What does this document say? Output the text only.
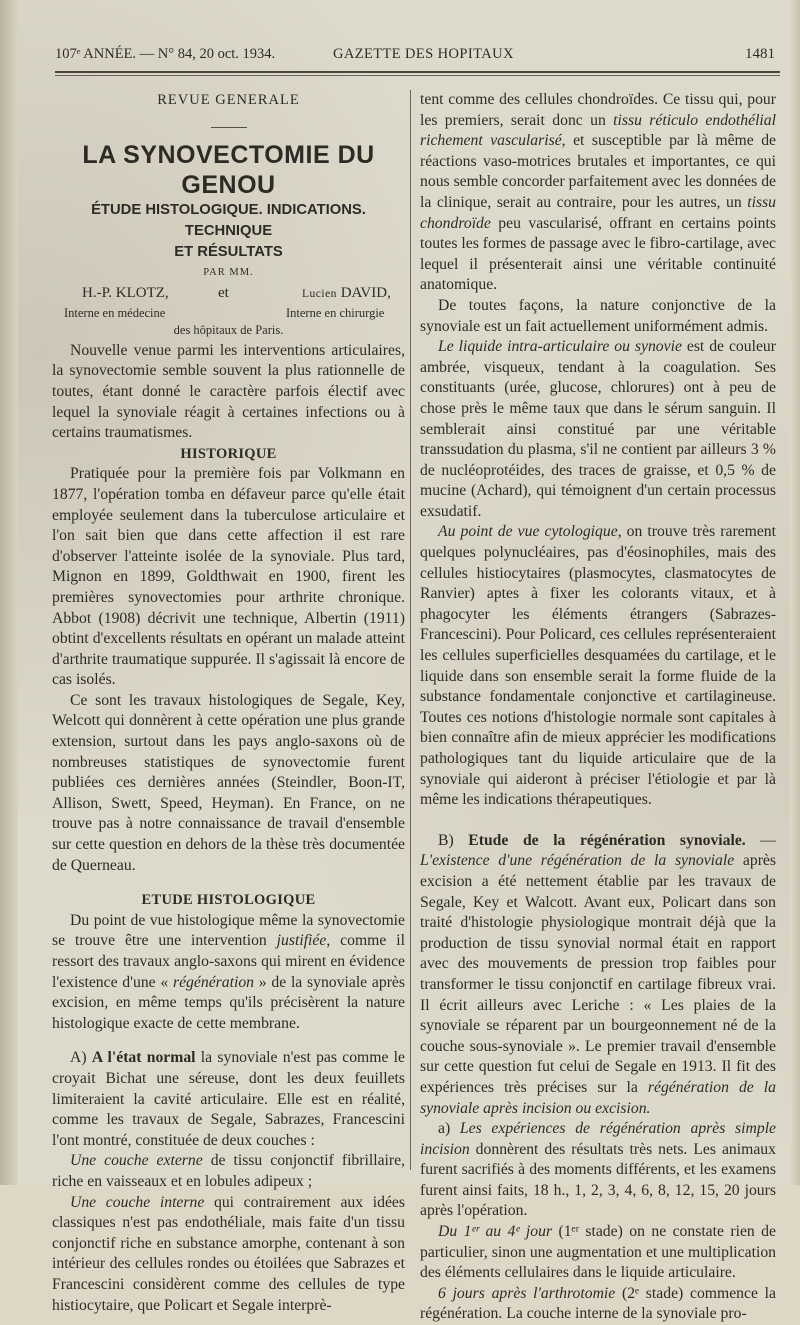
107ᵉ ANNÉE. — N° 84, 20 oct. 1934.	GAZETTE DES HOPITAUX	1481

REVUE GENERALE

LA SYNOVECTOMIE DU GENOU

ÉTUDE HISTOLOGIQUE. INDICATIONS. TECHNIQUE
ET RÉSULTATS

PAR MM.

H.-P. KLOTZ,	et	Lucien DAVID,
Interne en médecine	Interne en chirurgie

des hôpitaux de Paris.

Nouvelle venue parmi les interventions articulaires, la synovectomie semble souvent la plus rationnelle de toutes, étant donné le caractère parfois électif avec lequel la synoviale réagit à certaines infections ou à certains traumatismes.

HISTORIQUE

Pratiquée pour la première fois par Volkmann en 1877, l'opération tomba en défaveur parce qu'elle était employée seulement dans la tuberculose articulaire et l'on sait bien que dans cette affection il est rare d'observer l'atteinte isolée de la synoviale. Plus tard, Mignon en 1899, Goldthwait en 1900, firent les premières synovectomies pour arthrite chronique. Abbot (1908) décrivit une technique, Albertin (1911) obtint d'excellents résultats en opérant un malade atteint d'arthrite traumatique suppurée. Il s'agissait là encore de cas isolés.

Ce sont les travaux histologiques de Segale, Key, Welcott qui donnèrent à cette opération une plus grande extension, surtout dans les pays anglo-saxons où de nombreuses statistiques de synovectomie furent publiées ces dernières années (Steindler, Boon-IT, Allison, Swett, Speed, Heyman). En France, on ne trouve pas à notre connaissance de travail d'ensemble sur cette question en dehors de la thèse très documentée de Querneau.

ETUDE HISTOLOGIQUE

Du point de vue histologique même la synovectomie se trouve être une intervention justifiée, comme il ressort des travaux anglo-saxons qui mirent en évidence l'existence d'une « régénération » de la synoviale après excision, en même temps qu'ils précisèrent la nature histologique exacte de cette membrane.

A) A l'état normal la synoviale n'est pas comme le croyait Bichat une séreuse, dont les deux feuillets limiteraient la cavité articulaire. Elle est en réalité, comme les travaux de Segale, Sabrazes, Francescini l'ont montré, constituée de deux couches :

Une couche externe de tissu conjonctif fibrillaire, riche en vaisseaux et en lobules adipeux ;

Une couche interne qui contrairement aux idées classiques n'est pas endothéliale, mais faite d'un tissu conjonctif riche en substance amorphe, contenant à son intérieur des cellules rondes ou étoilées que Sabrazes et Francescini considèrent comme des cellules de type histiocytaire, que Policart et Segale interprè-

tent comme des cellules chondroïdes. Ce tissu qui, pour les premiers, serait donc un tissu réticulo endothélial richement vascularisé, et susceptible par là même de réactions vaso-motrices brutales et importantes, ce qui nous semble concorder parfaitement avec les données de la clinique, serait au contraire, pour les autres, un tissu chondroïde peu vascularisé, offrant en certains points toutes les formes de passage avec le fibro-cartilage, avec lequel il présenterait ainsi une véritable continuité anatomique.

De toutes façons, la nature conjonctive de la synoviale est un fait actuellement uniformément admis.

Le liquide intra-articulaire ou synovie est de couleur ambrée, visqueux, tendant à la coagulation. Ses constituants (urée, glucose, chlorures) ont à peu de chose près le même taux que dans le sérum sanguin. Il semblerait ainsi constitué par une véritable transsudation du plasma, s'il ne contient par ailleurs 3 % de nucléoprotéides, des traces de graisse, et 0,5 % de mucine (Achard), qui témoignent d'un certain processus exsudatif.

Au point de vue cytologique, on trouve très rarement quelques polynucléaires, pas d'éosinophiles, mais des cellules histiocytaires (plasmocytes, clasmatocytes de Ranvier) aptes à fixer les colorants vitaux, et à phagocyter les éléments étrangers (Sabrazes-Francescini). Pour Policard, ces cellules représenteraient les cellules superficielles desquamées du cartilage, et le liquide dans son ensemble serait la forme fluide de la substance fondamentale conjonctive et cartilagineuse. Toutes ces notions d'histologie normale sont capitales à bien connaître afin de mieux apprécier les modifications pathologiques tant du liquide articulaire que de la synoviale qui aideront à préciser l'étiologie et par là même les indications thérapeutiques.

B) Etude de la régénération synoviale. — L'existence d'une régénération de la synoviale après excision a été nettement établie par les travaux de Segale, Key et Walcott. Avant eux, Policart dans son traité d'histologie physiologique montrait déjà que la production de tissu synovial normal était en rapport avec des mouvements de pression trop faibles pour transformer le tissu conjonctif en cartilage fibreux vrai. Il écrit ailleurs avec Leriche : « Les plaies de la synoviale se réparent par un bourgeonnement né de la couche sous-synoviale ». Le premier travail d'ensemble sur cette question fut celui de Segale en 1913. Il fit des expériences très précises sur la régénération de la synoviale après incision ou excision.

a) Les expériences de régénération après simple incision donnèrent des résultats très nets. Les animaux furent sacrifiés à des moments différents, et les examens furent ainsi faits, 18 h., 1, 2, 3, 4, 6, 8, 12, 15, 20 jours après l'opération.

Du 1ᵉʳ au 4ᵉ jour (1ᵉʳ stade) on ne constate rien de particulier, sinon une augmentation et une multiplication des éléments cellulaires dans le liquide articulaire.

6 jours après l'arthrotomie (2ᵉ stade) commence la régénération. La couche interne de la synoviale pro-
